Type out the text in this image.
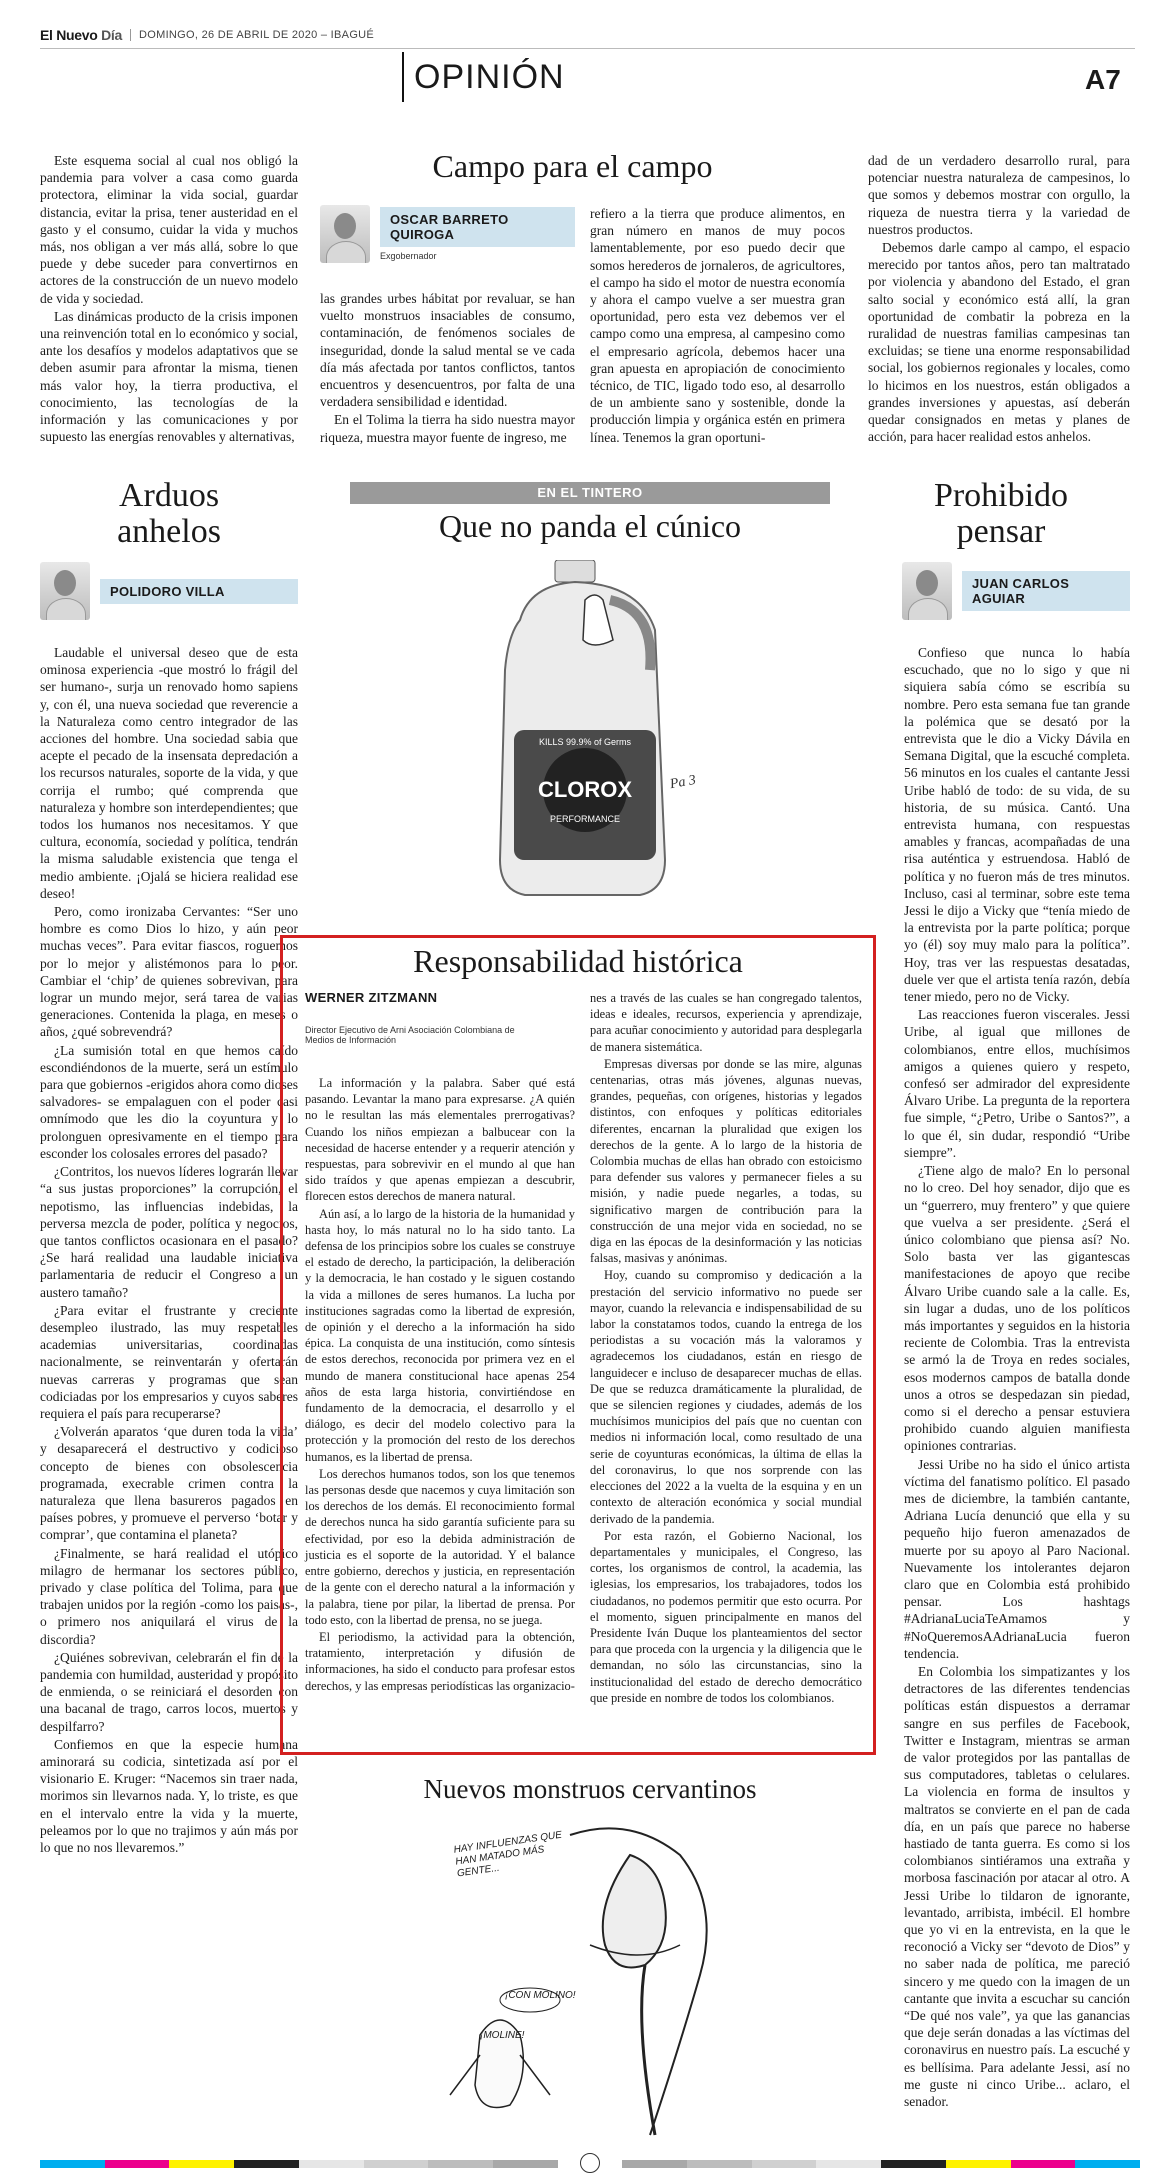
El Nuevo Día	DOMINGO, 26 DE ABRIL DE 2020 – IBAGUÉ
OPINIÓN	A7

Este esquema social al cual nos obligó la pandemia para volver a casa como guarda protectora, eliminar la vida social, guardar distancia, evitar la prisa, tener austeridad en el gasto y el consumo, cuidar la vida y muchos más, nos obligan a ver más allá, sobre lo que puede y debe suceder para convertirnos en actores de la construcción de un nuevo modelo de vida y sociedad.

Las dinámicas producto de la crisis imponen una reinvención total en lo económico y social, ante los desafíos y modelos adaptativos que se deben asumir para afrontar la misma, tienen más valor hoy, la tierra productiva, el conocimiento, las tecnologías de la información y las comunicaciones y por supuesto las energías renovables y alternativas,

Campo para el campo
OSCAR BARRETO QUIROGA
Exgobernador

las grandes urbes hábitat por revaluar, se han vuelto monstruos insaciables de consumo, contaminación, de fenómenos sociales de inseguridad, donde la salud mental se ve cada día más afectada por tantos conflictos, tantos encuentros y desencuentros, por falta de una verdadera sensibilidad e identidad.

En el Tolima la tierra ha sido nuestra mayor riqueza, muestra mayor fuente de ingreso, me

refiero a la tierra que produce alimentos, en gran número en manos de muy pocos lamentablemente, por eso puedo decir que somos herederos de jornaleros, de agricultores, el campo ha sido el motor de nuestra economía y ahora el campo vuelve a ser muestra gran oportunidad, pero esta vez debemos ver el campo como una empresa, al campesino como el empresario agrícola, debemos hacer una gran apuesta en apropiación de conocimiento técnico, de TIC, ligado todo eso, al desarrollo de un ambiente sano y sostenible, donde la producción limpia y orgánica estén en primera línea. Tenemos la gran oportuni-

dad de un verdadero desarrollo rural, para potenciar nuestra naturaleza de campesinos, lo que somos y debemos mostrar con orgullo, la riqueza de nuestra tierra y la variedad de nuestros productos.

Debemos darle campo al campo, el espacio merecido por tantos años, pero tan maltratado por violencia y abandono del Estado, el gran salto social y económico está allí, la gran oportunidad de combatir la pobreza en la ruralidad de nuestras familias campesinas tan excluidas; se tiene una enorme responsabilidad social, los gobiernos regionales y locales, como lo hicimos en los nuestros, están obligados a grandes inversiones y apuestas, así deberán quedar consignados en metas y planes de acción, para hacer realidad estos anhelos.

Arduos
anhelos
POLIDORO VILLA

Laudable el universal deseo que de esta ominosa experiencia -que mostró lo frágil del ser humano-, surja un renovado homo sapiens y, con él, una nueva sociedad que reverencie a la Naturaleza como centro integrador de las acciones del hombre. Una sociedad sabia que acepte el pecado de la insensata depredación a los recursos naturales, soporte de la vida, y que corrija el rumbo; qué comprenda que naturaleza y hombre son interdependientes; que todos los humanos nos necesitamos. Y que cultura, economía, sociedad y política, tendrán la misma saludable existencia que tenga el medio ambiente. ¡Ojalá se hiciera realidad ese deseo!

Pero, como ironizaba Cervantes: “Ser uno hombre es como Dios lo hizo, y aún peor muchas veces”. Para evitar fiascos, roguemos por lo mejor y alistémonos para lo peor. Cambiar el ‘chip’ de quienes sobrevivan, para lograr un mundo mejor, será tarea de varias generaciones. Contenida la plaga, en meses o años, ¿qué sobrevendrá?

¿La sumisión total en que hemos caído escondiéndonos de la muerte, será un estímulo para que gobiernos -erigidos ahora como dioses salvadores- se empalaguen con el poder casi omnímodo que les dio la coyuntura y lo prolonguen opresivamente en el tiempo para esconder los colosales errores del pasado?

¿Contritos, los nuevos líderes lograrán llevar “a sus justas proporciones” la corrupción, el nepotismo, las influencias indebidas, la perversa mezcla de poder, política y negocios, que tantos conflictos ocasionara en el pasado? ¿Se hará realidad una laudable iniciativa parlamentaria de reducir el Congreso a un austero tamaño?

¿Para evitar el frustrante y creciente desempleo ilustrado, las muy respetables academias universitarias, coordinadas nacionalmente, se reinventarán y ofertarán nuevas carreras y programas que sean codiciadas por los empresarios y cuyos saberes requiera el país para recuperarse?

¿Volverán aparatos ‘que duren toda la vida’ y desaparecerá el destructivo y codicioso concepto de bienes con obsolescencia programada, execrable crimen contra la naturaleza que llena basureros pagados en países pobres, y promueve el perverso ‘botar y comprar’, que contamina el planeta?

¿Finalmente, se hará realidad el utópico milagro de hermanar los sectores público, privado y clase política del Tolima, para que trabajen unidos por la región -como los paisas-, o primero nos aniquilará el virus de la discordia?

¿Quiénes sobrevivan, celebrarán el fin de la pandemia con humildad, austeridad y propósito de enmienda, o se reiniciará el desorden con una bacanal de trago, carros locos, muertos y despilfarro?

Confiemos en que la especie humana aminorará su codicia, sintetizada así por el visionario E. Kruger: “Nacemos sin traer nada, morimos sin llevarnos nada. Y, lo triste, es que en el intervalo entre la vida y la muerte, peleamos por lo que no trajimos y aún más por lo que no nos llevaremos.”

EN EL TINTERO
Que no panda el cúnico
CLOROX
PERFORMANCE
KILLS 99.9% of Germs
Pa 3
Prohibido
pensar
JUAN CARLOS AGUIAR

Confieso que nunca lo había escuchado, que no lo sigo y que ni siquiera sabía cómo se escribía su nombre. Pero esta semana fue tan grande la polémica que se desató por la entrevista que le dio a Vicky Dávila en Semana Digital, que la escuché completa. 56 minutos en los cuales el cantante Jessi Uribe habló de todo: de su vida, de su historia, de su música. Cantó. Una entrevista humana, con respuestas amables y francas, acompañadas de una risa auténtica y estruendosa. Habló de política y no fueron más de tres minutos. Incluso, casi al terminar, sobre este tema Jessi le dijo a Vicky que “tenía miedo de la entrevista por la parte política; porque yo (él) soy muy malo para la política”. Hoy, tras ver las respuestas desatadas, duele ver que el artista tenía razón, debía tener miedo, pero no de Vicky.

Las reacciones fueron viscerales. Jessi Uribe, al igual que millones de colombianos, entre ellos, muchísimos amigos a quienes quiero y respeto, confesó ser admirador del expresidente Álvaro Uribe. La pregunta de la reportera fue simple, “¿Petro, Uribe o Santos?”, a lo que él, sin dudar, respondió “Uribe siempre”.

¿Tiene algo de malo? En lo personal no lo creo. Del hoy senador, dijo que es un “guerrero, muy frentero” y que quiere que vuelva a ser presidente. ¿Será el único colombiano que piensa así? No. Solo basta ver las gigantescas manifestaciones de apoyo que recibe Álvaro Uribe cuando sale a la calle. Es, sin lugar a dudas, uno de los políticos más importantes y seguidos en la historia reciente de Colombia. Tras la entrevista se armó la de Troya en redes sociales, esos modernos campos de batalla donde unos a otros se despedazan sin piedad, como si el derecho a pensar estuviera prohibido cuando alguien manifiesta opiniones contrarias.

Jessi Uribe no ha sido el único artista víctima del fanatismo político. El pasado mes de diciembre, la también cantante, Adriana Lucía denunció que ella y su pequeño hijo fueron amenazados de muerte por su apoyo al Paro Nacional. Nuevamente los intolerantes dejaron claro que en Colombia está prohibido pensar. Los hashtags #AdrianaLuciaTeAmamos y #NoQueremosAAdrianaLucia fueron tendencia.

En Colombia los simpatizantes y los detractores de las diferentes tendencias políticas están dispuestos a derramar sangre en sus perfiles de Facebook, Twitter e Instagram, mientras se arman de valor protegidos por las pantallas de sus computadores, tabletas o celulares. La violencia en forma de insultos y maltratos se convierte en el pan de cada día, en un país que parece no haberse hastiado de tanta guerra. Es como si los colombianos sintiéramos una extraña y morbosa fascinación por atacar al otro. A Jessi Uribe lo tildaron de ignorante, levantado, arribista, imbécil. El hombre que yo vi en la entrevista, en la que le reconoció a Vicky ser “devoto de Dios” y no saber nada de política, me pareció sincero y me quedo con la imagen de un cantante que invita a escuchar su canción “De qué nos vale”, ya que las ganancias que deje serán donadas a las víctimas del coronavirus en nuestro país. La escuché y es bellísima. Para adelante Jessi, así no me guste ni cinco Uribe... aclaro, el senador.

Responsabilidad histórica
WERNER ZITZMANN
Director Ejecutivo de Arni Asociación Colombiana de Medios de Información

La información y la palabra. Saber qué está pasando. Levantar la mano para expresarse. ¿A quién no le resultan las más elementales prerrogativas? Cuando los niños empiezan a balbucear con la necesidad de hacerse entender y a requerir atención y respuestas, para sobrevivir en el mundo al que han sido traídos y que apenas empiezan a descubrir, florecen estos derechos de manera natural.

Aún así, a lo largo de la historia de la humanidad y hasta hoy, lo más natural no lo ha sido tanto. La defensa de los principios sobre los cuales se construye el estado de derecho, la participación, la deliberación y la democracia, le han costado y le siguen costando la vida a millones de seres humanos. La lucha por instituciones sagradas como la libertad de expresión, de opinión y el derecho a la información ha sido épica. La conquista de una institución, como síntesis de estos derechos, reconocida por primera vez en el mundo de manera constitucional hace apenas 254 años de esta larga historia, convirtiéndose en fundamento de la democracia, el desarrollo y el diálogo, es decir del modelo colectivo para la protección y la promoción del resto de los derechos humanos, es la libertad de prensa.

Los derechos humanos todos, son los que tenemos las personas desde que nacemos y cuya limitación son los derechos de los demás. El reconocimiento formal de derechos nunca ha sido garantía suficiente para su efectividad, por eso la debida administración de justicia es el soporte de la autoridad. Y el balance entre gobierno, derechos y justicia, en representación de la gente con el derecho natural a la información y la palabra, tiene por pilar, la libertad de prensa. Por todo esto, con la libertad de prensa, no se juega.

El periodismo, la actividad para la obtención, tratamiento, interpretación y difusión de informaciones, ha sido el conducto para profesar estos derechos, y las empresas periodísticas las organizacio-

nes a través de las cuales se han congregado talentos, ideas e ideales, recursos, experiencia y aprendizaje, para acuñar conocimiento y autoridad para desplegarla de manera sistemática.

Empresas diversas por donde se las mire, algunas centenarias, otras más jóvenes, algunas nuevas, grandes, pequeñas, con orígenes, historias y legados distintos, con enfoques y políticas editoriales diferentes, encarnan la pluralidad que exigen los derechos de la gente. A lo largo de la historia de Colombia muchas de ellas han obrado con estoicismo para defender sus valores y permanecer fieles a su misión, y nadie puede negarles, a todas, su significativo margen de contribución para la construcción de una mejor vida en sociedad, no se diga en las épocas de la desinformación y las noticias falsas, masivas y anónimas.

Hoy, cuando su compromiso y dedicación a la prestación del servicio informativo no puede ser mayor, cuando la relevancia e indispensabilidad de su labor la constatamos todos, cuando la entrega de los periodistas a su vocación más la valoramos y agradecemos los ciudadanos, están en riesgo de languidecer e incluso de desaparecer muchas de ellas. De que se reduzca dramáticamente la pluralidad, de que se silencien regiones y ciudades, además de los muchísimos municipios del país que no cuentan con medios ni información local, como resultado de una serie de coyunturas económicas, la última de ellas la del coronavirus, lo que nos sorprende con las elecciones del 2022 a la vuelta de la esquina y en un contexto de alteración económica y social mundial derivado de la pandemia.

Por esta razón, el Gobierno Nacional, los departamentales y municipales, el Congreso, las cortes, los organismos de control, la academia, las iglesias, los empresarios, los trabajadores, todos los ciudadanos, no podemos permitir que esto ocurra. Por el momento, siguen principalmente en manos del Presidente Iván Duque los planteamientos del sector para que proceda con la urgencia y la diligencia que le demandan, no sólo las circunstancias, sino la institucionalidad del estado de derecho democrático que preside en nombre de todos los colombianos.

Nuevos monstruos cervantinos
HAY INFLUENZAS QUE HAN MATADO MÁS GENTE...
¡CON MOLINO!
¡MOLINE!
